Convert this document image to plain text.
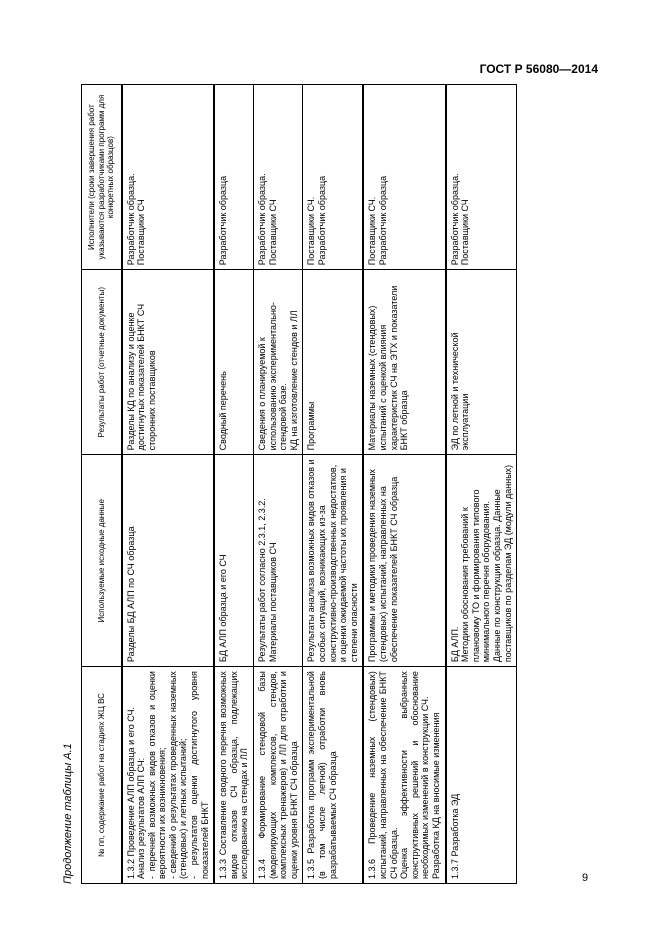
ГОСТ Р 56080—2014
Продолжение таблицы А.1	№ пп, содержание работ на стадиях ЖЦ ВС	Используемые исходные данные	Результаты работ (отчетные документы)	Исполнители (сроки завершения работ указываются разработчиками программ для конкретных образцов)

1.3.2 Проведение АЛП образца и его СЧ. Анализ результатов АЛП СЧ: - перечней возможных видов отказов и оценки вероятности их возникновения; - сведений о результатах проведенных наземных (стендовых) и летных испытаний; - результатов оценки достигнутого уровня показателей БНКТ	Разделы БД АЛП по СЧ образца	Разделы КД по анализу и оценке достигнутых показателей БНКТ СЧ сторонних поставщиков	Разработчик образца. Поставщики СЧ

1.3.3 Составление сводного перечня возможных видов отказов СЧ образца, подлежащих исследованию на стендах и ЛЛ	БД АЛП образца и его СЧ	Сводный перечень	Разработчик образца

1.3.4 Формирование стендовой базы (моделирующих комплексов, стендов, комплексных тренажеров) и ЛЛ для отработки и оценки уровня БНКТ СЧ образца	Результаты работ согласно 2.3.1, 2.3.2. Материалы поставщиков СЧ	Сведения о планируемой к использованию экспериментально-стендовой базе. КД на изготовление стендов и ЛЛ	Разработчик образца. Поставщики СЧ

1.3.5 Разработка программ экспериментальной (в том числе летной) отработки вновь разрабатываемых СЧ образца	Результаты анализа возможных видов отказов и особых ситуаций, возникающих из-за конструктивно-производственных недостатков, и оценки ожидаемой частоты их проявления и степени опасности	Программы	Поставщики СЧ. Разработчик образца

1.3.6 Проведение наземных (стендовых) испытаний, направленных на обеспечение БНКТ СЧ образца. Оценка эффективности выбранных конструктивных решений и обоснование необходимых изменений в конструкции СЧ. Разработка КД на вносимые изменения	Программы и методики проведения наземных (стендовых) испытаний, направленных на обеспечение показателей БНКТ СЧ образца	Материалы наземных (стендовых) испытаний с оценкой влияния характеристик СЧ на ЭТХ и показатели БНКТ образца	Поставщики СЧ. Разработчик образца

1.3.7 Разработка ЭД	БД АЛП. Методики обоснования требований к плановому ТО и формирования типового минимального перечня оборудования. Данные по конструкции образца. Данные поставщиков по разделам ЭД (модули данных)	ЭД по летной и технической эксплуатации	Разработчик образца. Поставщики СЧ
9
